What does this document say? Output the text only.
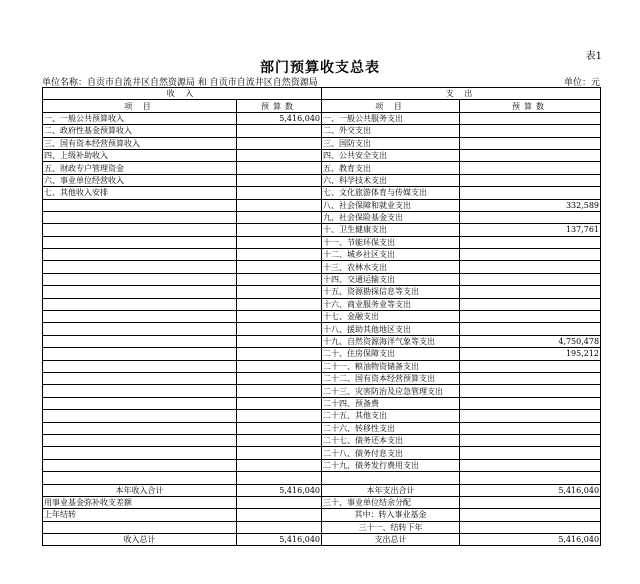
表1
部门预算收支总表
单位名称：自贡市自流井区自然资源局 和 自贡市自流井区自然资源局	单位：元
收 入		支 出	
项 目	预算数	项 目	预算数
一、一般公共预算收入	5,416,040	一、一般公共服务支出	
二、政府性基金预算收入		二、外交支出	
三、国有资本经营预算收入		三、国防支出	
四、上级补助收入		四、公共安全支出	
五、财政专户管理资金		五、教育支出	
六、事业单位经营收入		六、科学技术支出	
七、其他收入安排		七、文化旅游体育与传媒支出	
		八、社会保障和就业支出	332,589
		九、社会保险基金支出	
		十、卫生健康支出	137,761
		十一、节能环保支出	
		十二、城乡社区支出	
		十三、农林水支出	
		十四、交通运输支出	
		十五、资源勘探信息等支出	
		十六、商业服务业等支出	
		十七、金融支出	
		十八、援助其他地区支出	
		十九、自然资源海洋气象等支出	4,750,478
		二十、住房保障支出	195,212
		二十一、粮油物资储备支出	
		二十二、国有资本经营预算支出	
		二十三、灾害防治及应急管理支出	
		二十四、预备费	
		二十五、其他支出	
		二十六、转移性支出	
		二十七、债务还本支出	
		二十八、债务付息支出	
		二十九、债务发行费用支出	

本年收入合计	5,416,040	本年支出合计	5,416,040
用事业基金弥补收支差额		三十、事业单位结余分配	
上年结转		其中：转入事业基金	
		三十一、结转下年	
收入总计	5,416,040	支出总计	5,416,040
